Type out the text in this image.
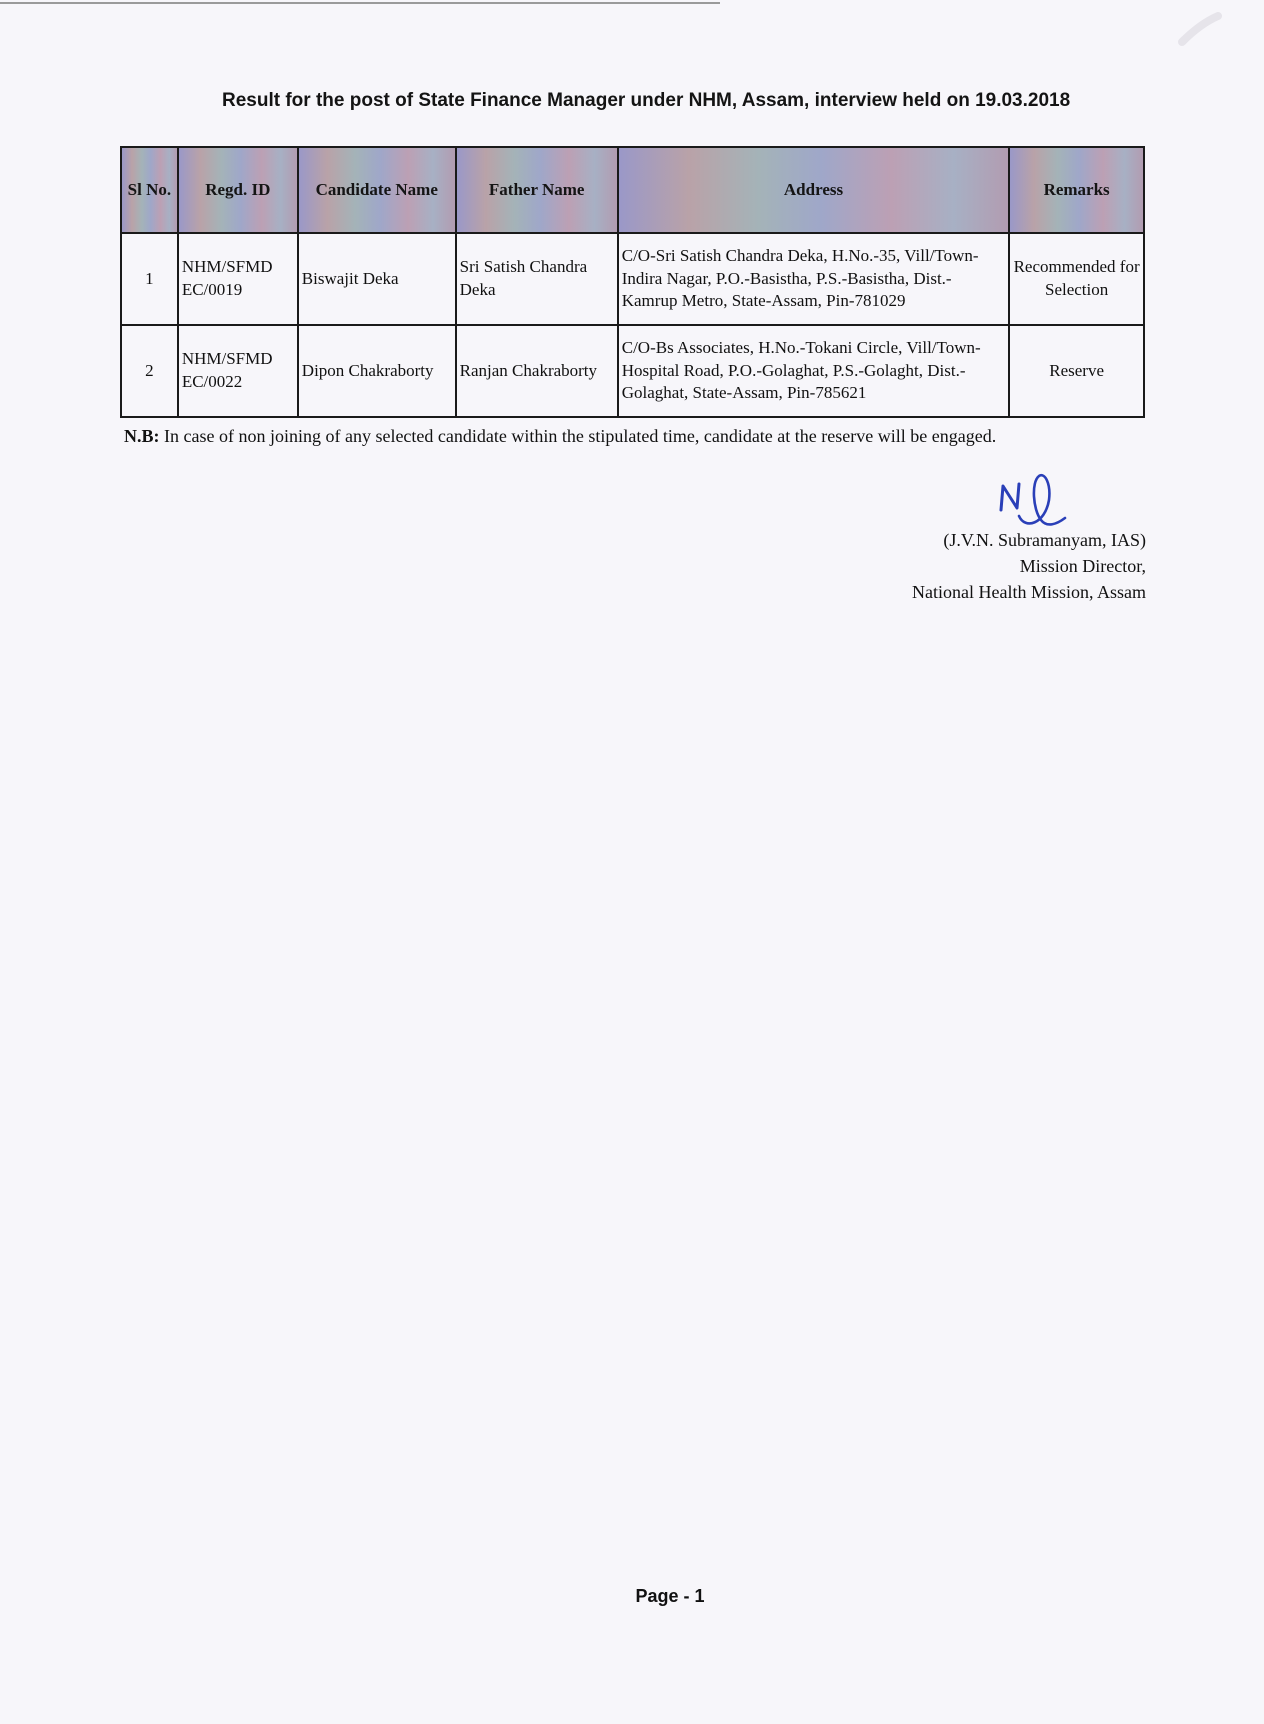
Result for the post of State Finance Manager under NHM, Assam, interview held on 19.03.2018
Sl No.	Regd. ID	Candidate Name	Father Name	Address	Remarks
1	NHM/SFMD EC/0019	Biswajit Deka	Sri Satish Chandra Deka	C/O-Sri Satish Chandra Deka, H.No.-35, Vill/Town-Indira Nagar, P.O.-Basistha, P.S.-Basistha, Dist.-Kamrup Metro, State-Assam, Pin-781029	Recommended for Selection
2	NHM/SFMD EC/0022	Dipon Chakraborty	Ranjan Chakraborty	C/O-Bs Associates, H.No.-Tokani Circle, Vill/Town-Hospital Road, P.O.-Golaghat, P.S.-Golaght, Dist.-Golaghat, State-Assam, Pin-785621	Reserve
N.B: In case of non joining of any selected candidate within the stipulated time, candidate at the reserve will be engaged.
(J.V.N. Subramanyam, IAS)
Mission Director,
National Health Mission, Assam
Page - 1
